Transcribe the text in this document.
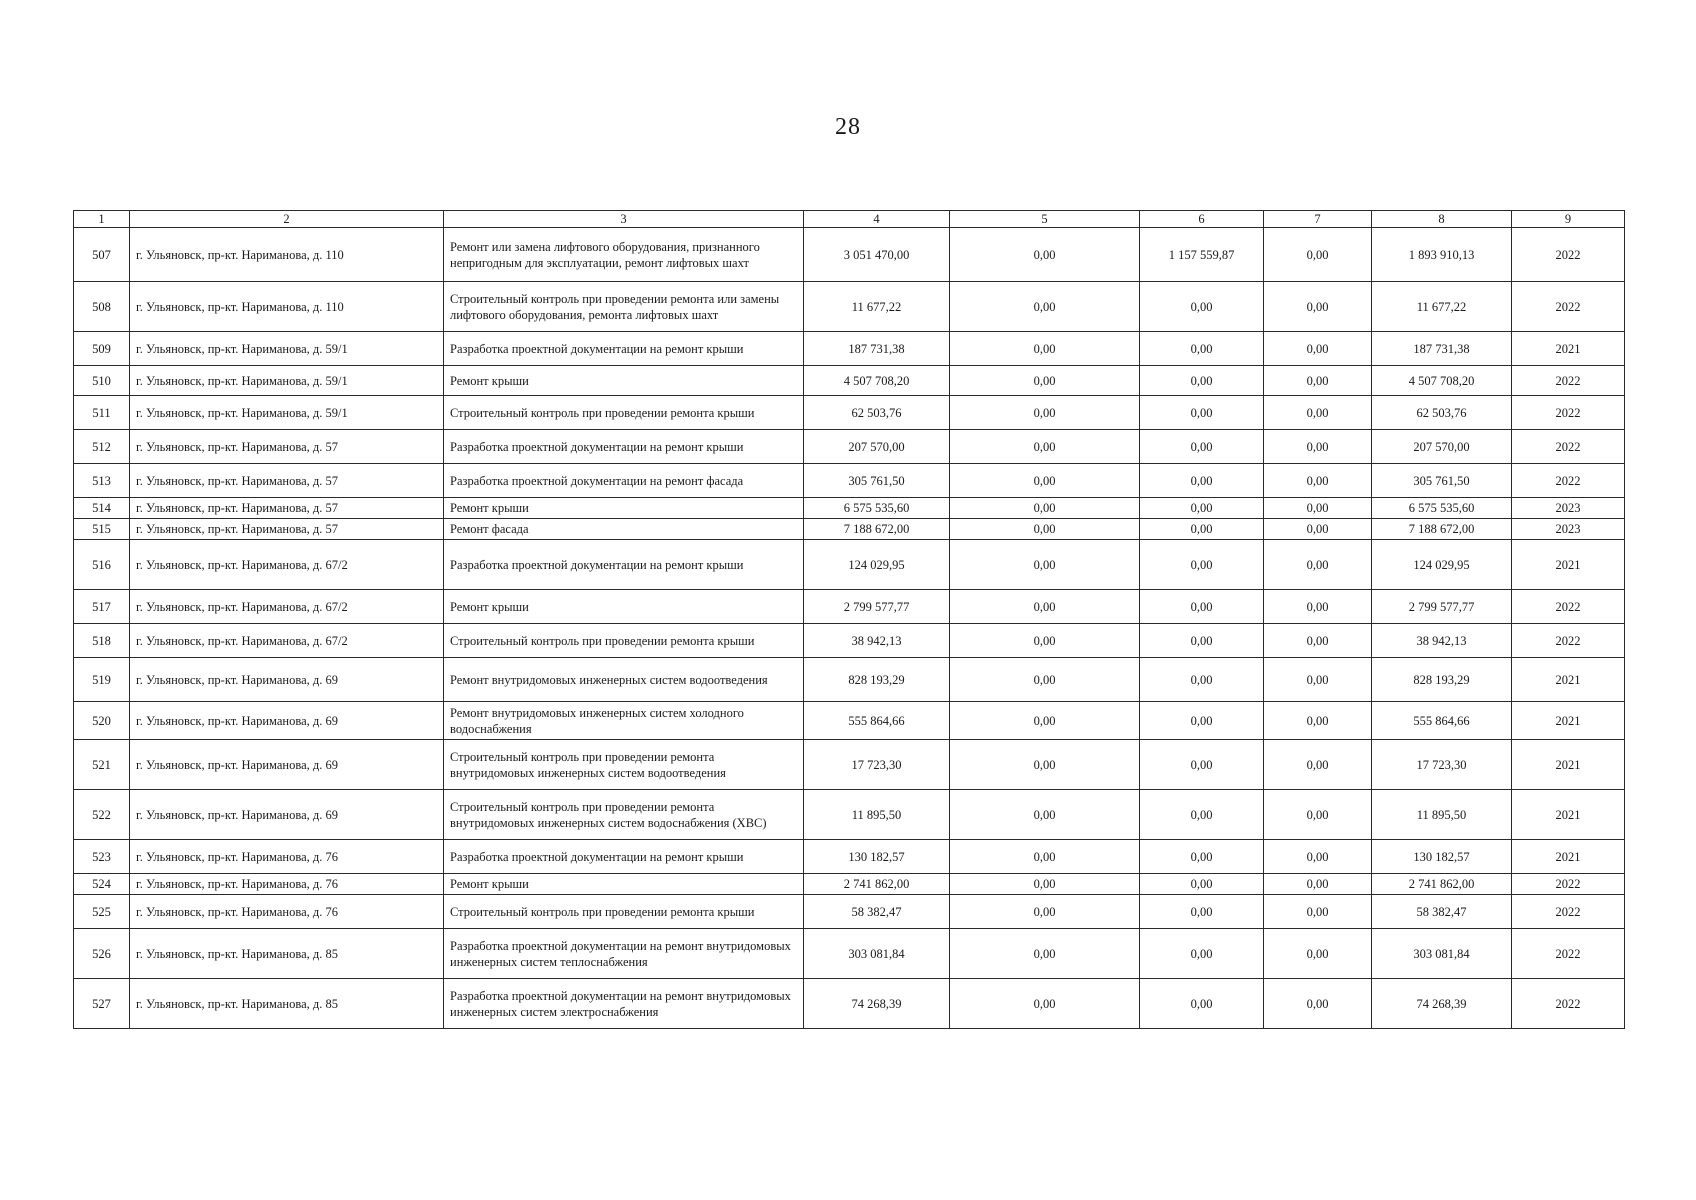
28
1	2	3	4	5	6	7	8	9
507	г. Ульяновск, пр-кт. Нариманова, д. 110	Ремонт или замена лифтового оборудования, признанного непригодным для эксплуатации, ремонт лифтовых шахт	3 051 470,00	0,00	1 157 559,87	0,00	1 893 910,13	2022
508	г. Ульяновск, пр-кт. Нариманова, д. 110	Строительный контроль при проведении ремонта или замены лифтового оборудования, ремонта лифтовых шахт	11 677,22	0,00	0,00	0,00	11 677,22	2022
509	г. Ульяновск, пр-кт. Нариманова, д. 59/1	Разработка проектной документации на ремонт крыши	187 731,38	0,00	0,00	0,00	187 731,38	2021
510	г. Ульяновск, пр-кт. Нариманова, д. 59/1	Ремонт крыши	4 507 708,20	0,00	0,00	0,00	4 507 708,20	2022
511	г. Ульяновск, пр-кт. Нариманова, д. 59/1	Строительный контроль при проведении ремонта крыши	62 503,76	0,00	0,00	0,00	62 503,76	2022
512	г. Ульяновск, пр-кт. Нариманова, д. 57	Разработка проектной документации на ремонт крыши	207 570,00	0,00	0,00	0,00	207 570,00	2022
513	г. Ульяновск, пр-кт. Нариманова, д. 57	Разработка проектной документации на ремонт фасада	305 761,50	0,00	0,00	0,00	305 761,50	2022
514	г. Ульяновск, пр-кт. Нариманова, д. 57	Ремонт крыши	6 575 535,60	0,00	0,00	0,00	6 575 535,60	2023
515	г. Ульяновск, пр-кт. Нариманова, д. 57	Ремонт фасада	7 188 672,00	0,00	0,00	0,00	7 188 672,00	2023
516	г. Ульяновск, пр-кт. Нариманова, д. 67/2	Разработка проектной документации на ремонт крыши	124 029,95	0,00	0,00	0,00	124 029,95	2021
517	г. Ульяновск, пр-кт. Нариманова, д. 67/2	Ремонт крыши	2 799 577,77	0,00	0,00	0,00	2 799 577,77	2022
518	г. Ульяновск, пр-кт. Нариманова, д. 67/2	Строительный контроль при проведении ремонта крыши	38 942,13	0,00	0,00	0,00	38 942,13	2022
519	г. Ульяновск, пр-кт. Нариманова, д. 69	Ремонт внутридомовых инженерных систем водоотведения	828 193,29	0,00	0,00	0,00	828 193,29	2021
520	г. Ульяновск, пр-кт. Нариманова, д. 69	Ремонт внутридомовых инженерных систем холодного водоснабжения	555 864,66	0,00	0,00	0,00	555 864,66	2021
521	г. Ульяновск, пр-кт. Нариманова, д. 69	Строительный контроль при проведении ремонта внутридомовых инженерных систем водоотведения	17 723,30	0,00	0,00	0,00	17 723,30	2021
522	г. Ульяновск, пр-кт. Нариманова, д. 69	Строительный контроль при проведении ремонта внутридомовых инженерных систем водоснабжения (ХВС)	11 895,50	0,00	0,00	0,00	11 895,50	2021
523	г. Ульяновск, пр-кт. Нариманова, д. 76	Разработка проектной документации на ремонт крыши	130 182,57	0,00	0,00	0,00	130 182,57	2021
524	г. Ульяновск, пр-кт. Нариманова, д. 76	Ремонт крыши	2 741 862,00	0,00	0,00	0,00	2 741 862,00	2022
525	г. Ульяновск, пр-кт. Нариманова, д. 76	Строительный контроль при проведении ремонта крыши	58 382,47	0,00	0,00	0,00	58 382,47	2022
526	г. Ульяновск, пр-кт. Нариманова, д. 85	Разработка проектной документации на ремонт внутридомовых инженерных систем теплоснабжения	303 081,84	0,00	0,00	0,00	303 081,84	2022
527	г. Ульяновск, пр-кт. Нариманова, д. 85	Разработка проектной документации на ремонт внутридомовых инженерных систем электроснабжения	74 268,39	0,00	0,00	0,00	74 268,39	2022
